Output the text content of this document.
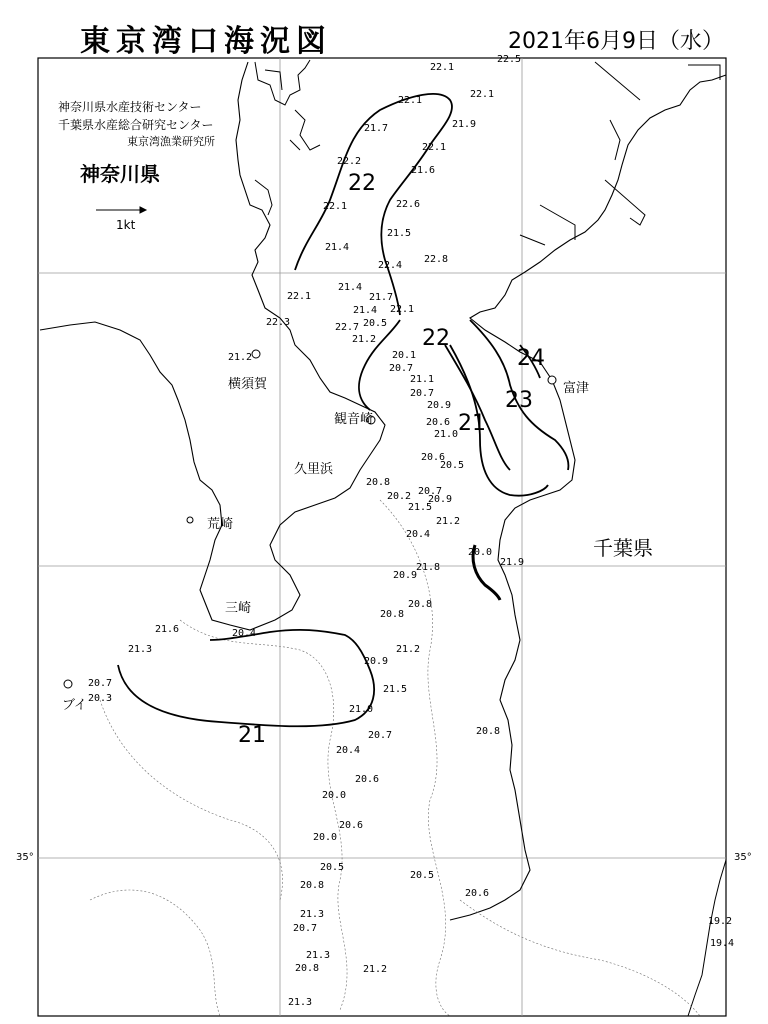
東京湾口海況図	2021年6月9日（水）
22
22
21
23
24
21
22.1
22.5
22.1
22.1
21.7	21.9
22.2
22.1
21.6
22.1	22.6
21.5
21.4
22.4
22.8
22.1
21.4
21.7
22.3	22.7
21.4 22.1
21.2
21.2
20.5
20.1
20.7
21.1
20.7
20.9
20.6
21.0
20.6
20.5
20.8
20.2 20.7
21.5
20.9
21.2
20.4
20.0
20.9
21.8	21.9
20.8
20.8
21.6
21.3
20.4
20.7
20.9
21.2
20.3
21.0
21.5
20.4
20.7	20.8
20.0
20.6
20.0
20.6
20.8
20.5
20.5
20.6
21.3
20.7
20.8
21.3
21.2
21.3
19.2
19.4
神奈川県水産技術センター
千葉県水産総合研究センター
東京湾漁業研究所
神奈川県
千葉県
1kt
横須賀
観音崎
久里浜
荒崎
三崎
富津
ブイ
35°	35°
